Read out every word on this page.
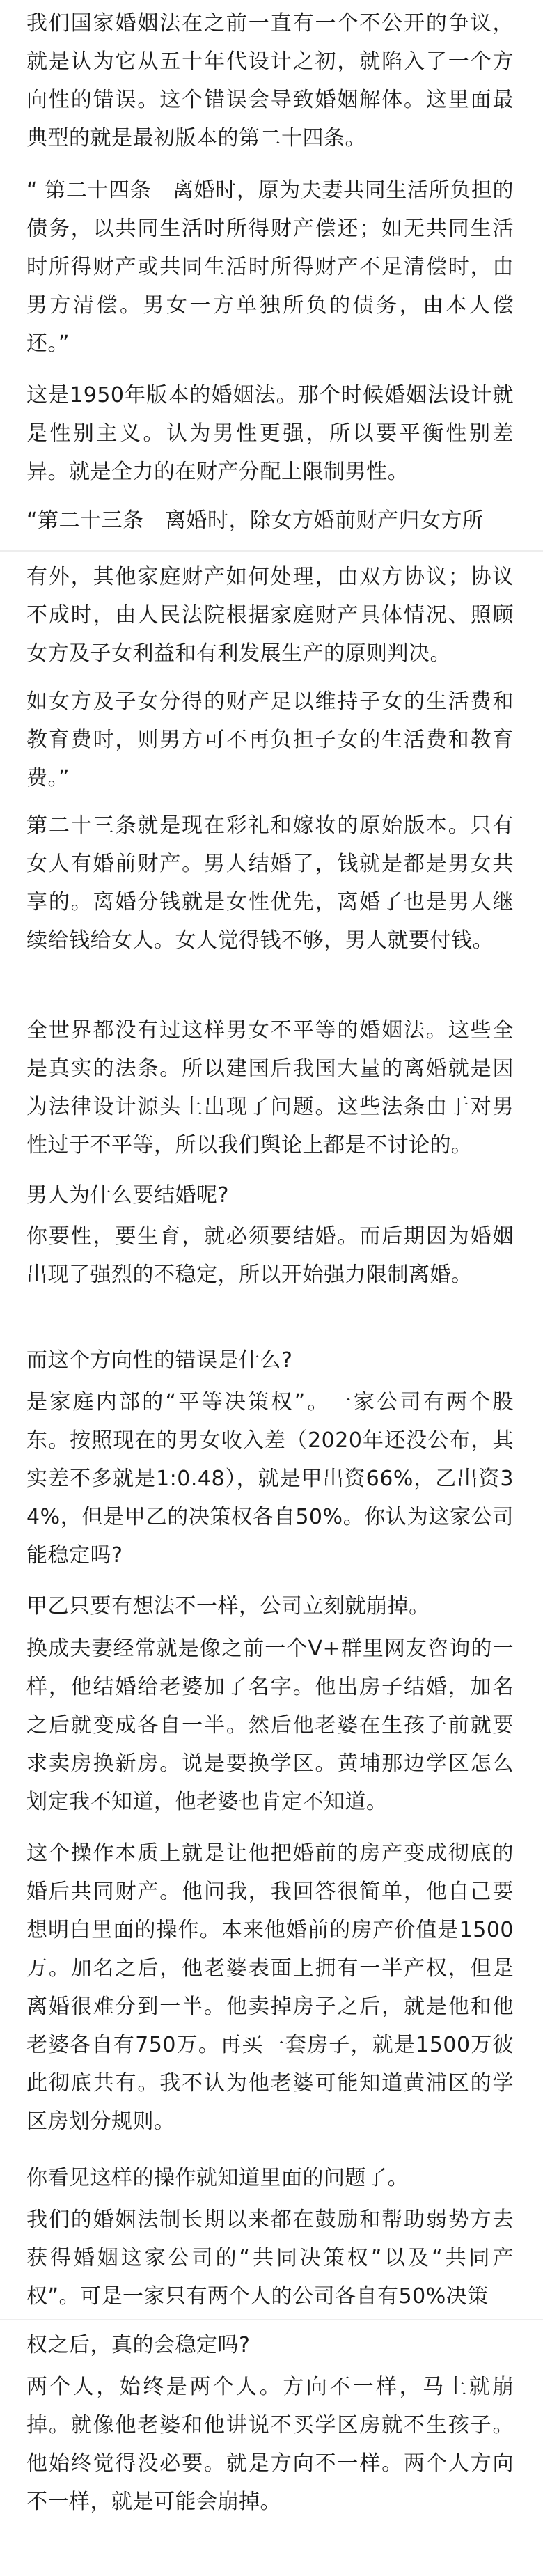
我们国家婚姻法在之前一直有一个不公开的争议，就是认为它从五十年代设计之初，就陷入了一个方向性的错误。这个错误会导致婚姻解体。这里面最典型的就是最初版本的第二十四条。

“ 第二十四条　离婚时，原为夫妻共同生活所负担的债务，以共同生活时所得财产偿还；如无共同生活时所得财产或共同生活时所得财产不足清偿时，由男方清偿。男女一方单独所负的债务，由本人偿还。”

这是1950年版本的婚姻法。那个时候婚姻法设计就是性别主义。认为男性更强，所以要平衡性别差异。就是全力的在财产分配上限制男性。

“第二十三条　离婚时，除女方婚前财产归女方所

有外，其他家庭财产如何处理，由双方协议；协议不成时，由人民法院根据家庭财产具体情况、照顾女方及子女利益和有利发展生产的原则判决。

如女方及子女分得的财产足以维持子女的生活费和教育费时，则男方可不再负担子女的生活费和教育费。”

第二十三条就是现在彩礼和嫁妆的原始版本。只有女人有婚前财产。男人结婚了，钱就是都是男女共享的。离婚分钱就是女性优先，离婚了也是男人继续给钱给女人。女人觉得钱不够，男人就要付钱。

全世界都没有过这样男女不平等的婚姻法。这些全是真实的法条。所以建国后我国大量的离婚就是因为法律设计源头上出现了问题。这些法条由于对男性过于不平等，所以我们舆论上都是不讨论的。

男人为什么要结婚呢?

你要性，要生育，就必须要结婚。而后期因为婚姻出现了强烈的不稳定，所以开始强力限制离婚。

而这个方向性的错误是什么?

是家庭内部的“平等决策权”。一家公司有两个股东。按照现在的男女收入差（2020年还没公布，其实差不多就是1:0.48），就是甲出资66%，乙出资34%，但是甲乙的决策权各自50%。你认为这家公司能稳定吗?

甲乙只要有想法不一样，公司立刻就崩掉。

换成夫妻经常就是像之前一个V+群里网友咨询的一样，他结婚给老婆加了名字。他出房子结婚，加名之后就变成各自一半。然后他老婆在生孩子前就要求卖房换新房。说是要换学区。黄埔那边学区怎么划定我不知道，他老婆也肯定不知道。

这个操作本质上就是让他把婚前的房产变成彻底的婚后共同财产。他问我，我回答很简单，他自己要想明白里面的操作。本来他婚前的房产价值是1500万。加名之后，他老婆表面上拥有一半产权，但是离婚很难分到一半。他卖掉房子之后，就是他和他老婆各自有750万。再买一套房子，就是1500万彼此彻底共有。我不认为他老婆可能知道黄浦区的学区房划分规则。

你看见这样的操作就知道里面的问题了。

我们的婚姻法制长期以来都在鼓励和帮助弱势方去获得婚姻这家公司的“共同决策权”以及“共同产权”。可是一家只有两个人的公司各自有50%决策

权之后，真的会稳定吗?

两个人，始终是两个人。方向不一样，马上就崩掉。就像他老婆和他讲说不买学区房就不生孩子。他始终觉得没必要。就是方向不一样。两个人方向不一样，就是可能会崩掉。
